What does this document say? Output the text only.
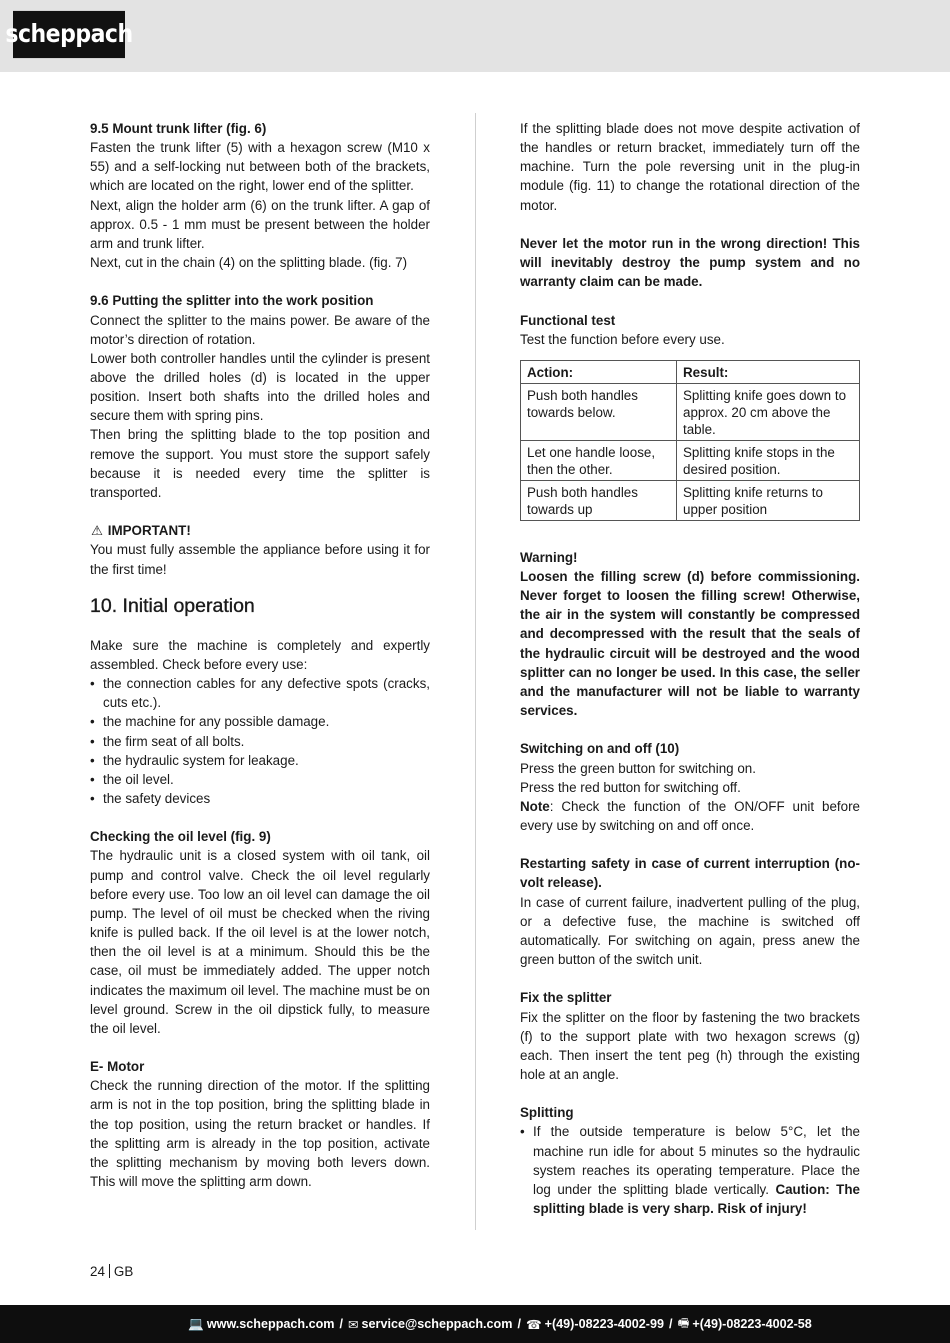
scheppach

9.5 Mount trunk lifter (fig. 6)

Fasten the trunk lifter (5) with a hexagon screw (M10 x 55) and a self-locking nut between both of the brackets, which are located on the right, lower end of the splitter.

Next, align the holder arm (6) on the trunk lifter. A gap of approx. 0.5 - 1 mm must be present between the holder arm and trunk lifter.

Next, cut in the chain (4) on the splitting blade. (fig. 7)

9.6 Putting the splitter into the work position

Connect the splitter to the mains power. Be aware of the motor’s direction of rotation.

Lower both controller handles until the cylinder is present above the drilled holes (d) is located in the upper position. Insert both shafts into the drilled holes and secure them with spring pins.

Then bring the splitting blade to the top position and remove the support. You must store the support safely because it is needed every time the splitter is transported.

⚠ IMPORTANT!

You must fully assemble the appliance before using it for the first time!

10. Initial operation

Make sure the machine is completely and expertly assembled. Check before every use:

• the connection cables for any defective spots (cracks, cuts etc.).
• the machine for any possible damage.
• the firm seat of all bolts.
• the hydraulic system for leakage.
• the oil level.
• the safety devices

Checking the oil level (fig. 9)

The hydraulic unit is a closed system with oil tank, oil pump and control valve. Check the oil level regularly before every use. Too low an oil level can damage the oil pump. The level of oil must be checked when the riving knife is pulled back. If the oil level is at the lower notch, then the oil level is at a minimum. Should this be the case, oil must be immediately added. The upper notch indicates the maximum oil level. The machine must be on level ground. Screw in the oil dipstick fully, to measure the oil level.

E- Motor

Check the running direction of the motor. If the splitting arm is not in the top position, bring the splitting blade in the top position, using the return bracket or handles. If the splitting arm is already in the top position, activate the splitting mechanism by moving both levers down. This will move the splitting arm down.

If the splitting blade does not move despite activation of the handles or return bracket, immediately turn off the machine. Turn the pole reversing unit in the plug-in module (fig. 11) to change the rotational direction of the motor.

Never let the motor run in the wrong direction! This will inevitably destroy the pump system and no warranty claim can be made.

Functional test

Test the function before every use.

Action:	Result:
Push both handles towards below.	Splitting knife goes down to approx. 20 cm above the table.
Let one handle loose, then the other.	Splitting knife stops in the desired position.
Push both handles towards up	Splitting knife returns to upper position

Warning!

Loosen the filling screw (d) before commissioning. Never forget to loosen the filling screw! Otherwise, the air in the system will constantly be compressed and decompressed with the result that the seals of the hydraulic circuit will be destroyed and the wood splitter can no longer be used. In this case, the seller and the manufacturer will not be liable to warranty services.

Switching on and off (10)

Press the green button for switching on.

Press the red button for switching off.

Note: Check the function of the ON/OFF unit before every use by switching on and off once.

Restarting safety in case of current interruption (no-volt release).

In case of current failure, inadvertent pulling of the plug, or a defective fuse, the machine is switched off automatically. For switching on again, press anew the green button of the switch unit.

Fix the splitter

Fix the splitter on the floor by fastening the two brackets (f) to the support plate with two hexagon screws (g) each. Then insert the tent peg (h) through the existing hole at an angle.

Splitting

• If the outside temperature is below 5°C, let the machine run idle for about 5 minutes so the hydraulic system reaches its operating temperature. Place the log under the splitting blade vertically. Caution: The splitting blade is very sharp. Risk of injury!
24 GB
💻 www.scheppach.com / ✉ service@scheppach.com / ☎ +(49)-08223-4002-99 / 🖷 +(49)-08223-4002-58
